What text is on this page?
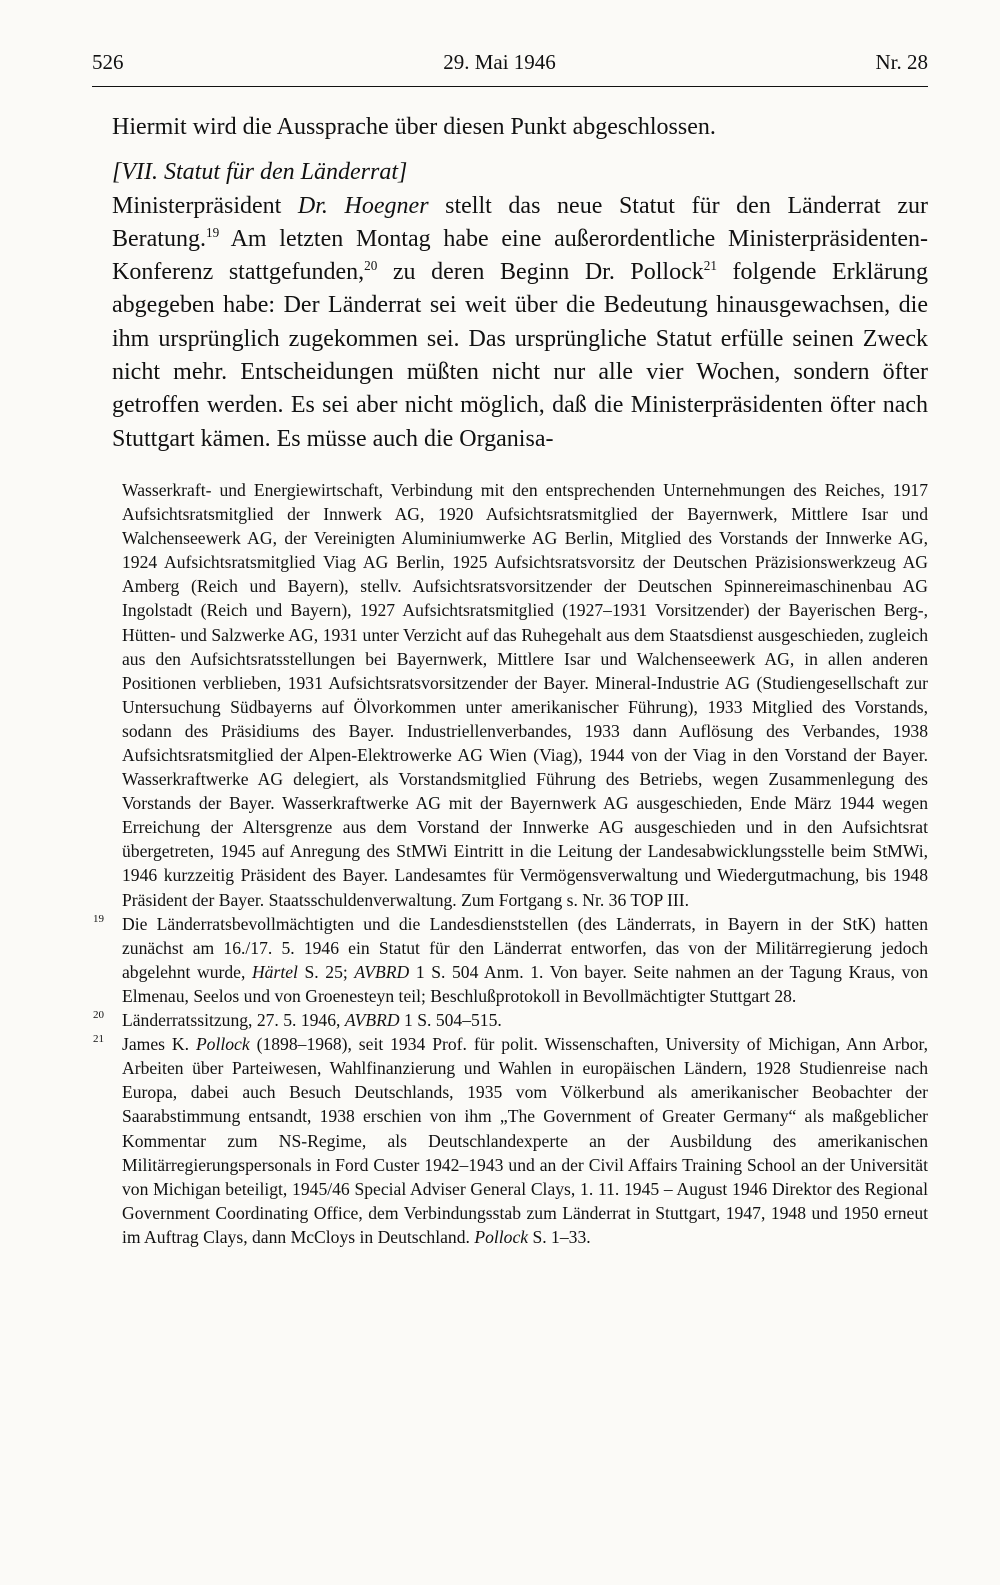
526	29. Mai 1946	Nr. 28

Hiermit wird die Aussprache über diesen Punkt abgeschlossen.

[VII. Statut für den Länderrat]

Ministerpräsident Dr. Hoegner stellt das neue Statut für den Länderrat zur Beratung.$^{19}$ Am letzten Montag habe eine außerordentliche Ministerpräsidenten-Konferenz stattgefunden,$^{20}$ zu deren Beginn Dr. Pollock$^{21}$ folgende Erklärung abgegeben habe: Der Länderrat sei weit über die Bedeutung hinausgewachsen, die ihm ursprünglich zugekommen sei. Das ursprüngliche Statut erfülle seinen Zweck nicht mehr. Entscheidungen müßten nicht nur alle vier Wochen, sondern öfter getroffen werden. Es sei aber nicht möglich, daß die Ministerpräsidenten öfter nach Stuttgart kämen. Es müsse auch die Organisa-

Wasserkraft- und Energiewirtschaft, Verbindung mit den entsprechenden Unternehmungen des Reiches, 1917 Aufsichtsratsmitglied der Innwerk AG, 1920 Aufsichtsratsmitglied der Bayernwerk, Mittlere Isar und Walchenseewerk AG, der Vereinigten Aluminiumwerke AG Berlin, Mitglied des Vorstands der Innwerke AG, 1924 Aufsichtsratsmitglied Viag AG Berlin, 1925 Aufsichtsratsvorsitz der Deutschen Präzisionswerkzeug AG Amberg (Reich und Bayern), stellv. Aufsichtsratsvorsitzender der Deutschen Spinnereimaschinenbau AG Ingolstadt (Reich und Bayern), 1927 Aufsichtsratsmitglied (1927–1931 Vorsitzender) der Bayerischen Berg-, Hütten- und Salzwerke AG, 1931 unter Verzicht auf das Ruhegehalt aus dem Staatsdienst ausgeschieden, zugleich aus den Aufsichtsratsstellungen bei Bayernwerk, Mittlere Isar und Walchenseewerk AG, in allen anderen Positionen verblieben, 1931 Aufsichtsratsvorsitzender der Bayer. Mineral-Industrie AG (Studiengesellschaft zur Untersuchung Südbayerns auf Ölvorkommen unter amerikanischer Führung), 1933 Mitglied des Vorstands, sodann des Präsidiums des Bayer. Industriellenverbandes, 1933 dann Auflösung des Verbandes, 1938 Aufsichtsratsmitglied der Alpen-Elektrowerke AG Wien (Viag), 1944 von der Viag in den Vorstand der Bayer. Wasserkraftwerke AG delegiert, als Vorstandsmitglied Führung des Betriebs, wegen Zusammenlegung des Vorstands der Bayer. Wasserkraftwerke AG mit der Bayernwerk AG ausgeschieden, Ende März 1944 wegen Erreichung der Altersgrenze aus dem Vorstand der Innwerke AG ausgeschieden und in den Aufsichtsrat übergetreten, 1945 auf Anregung des StMWi Eintritt in die Leitung der Landesabwicklungsstelle beim StMWi, 1946 kurzzeitig Präsident des Bayer. Landesamtes für Vermögensverwaltung und Wiedergutmachung, bis 1948 Präsident der Bayer. Staatsschuldenverwaltung. Zum Fortgang s. Nr. 36 TOP III.

19 Die Länderratsbevollmächtigten und die Landesdienststellen (des Länderrats, in Bayern in der StK) hatten zunächst am 16./17. 5. 1946 ein Statut für den Länderrat entworfen, das von der Militärregierung jedoch abgelehnt wurde, Härtel S. 25; AVBRD 1 S. 504 Anm. 1. Von bayer. Seite nahmen an der Tagung Kraus, von Elmenau, Seelos und von Groenesteyn teil; Beschlußprotokoll in Bevollmächtigter Stuttgart 28.

20 Länderratssitzung, 27. 5. 1946, AVBRD 1 S. 504–515.

21 James K. Pollock (1898–1968), seit 1934 Prof. für polit. Wissenschaften, University of Michigan, Ann Arbor, Arbeiten über Parteiwesen, Wahlfinanzierung und Wahlen in europäischen Ländern, 1928 Studienreise nach Europa, dabei auch Besuch Deutschlands, 1935 vom Völkerbund als amerikanischer Beobachter der Saarabstimmung entsandt, 1938 erschien von ihm „The Government of Greater Germany“ als maßgeblicher Kommentar zum NS-Regime, als Deutschlandexperte an der Ausbildung des amerikanischen Militärregierungspersonals in Ford Custer 1942–1943 und an der Civil Affairs Training School an der Universität von Michigan beteiligt, 1945/46 Special Adviser General Clays, 1. 11. 1945 – August 1946 Direktor des Regional Government Coordinating Office, dem Verbindungsstab zum Länderrat in Stuttgart, 1947, 1948 und 1950 erneut im Auftrag Clays, dann McCloys in Deutschland. Pollock S. 1–33.
